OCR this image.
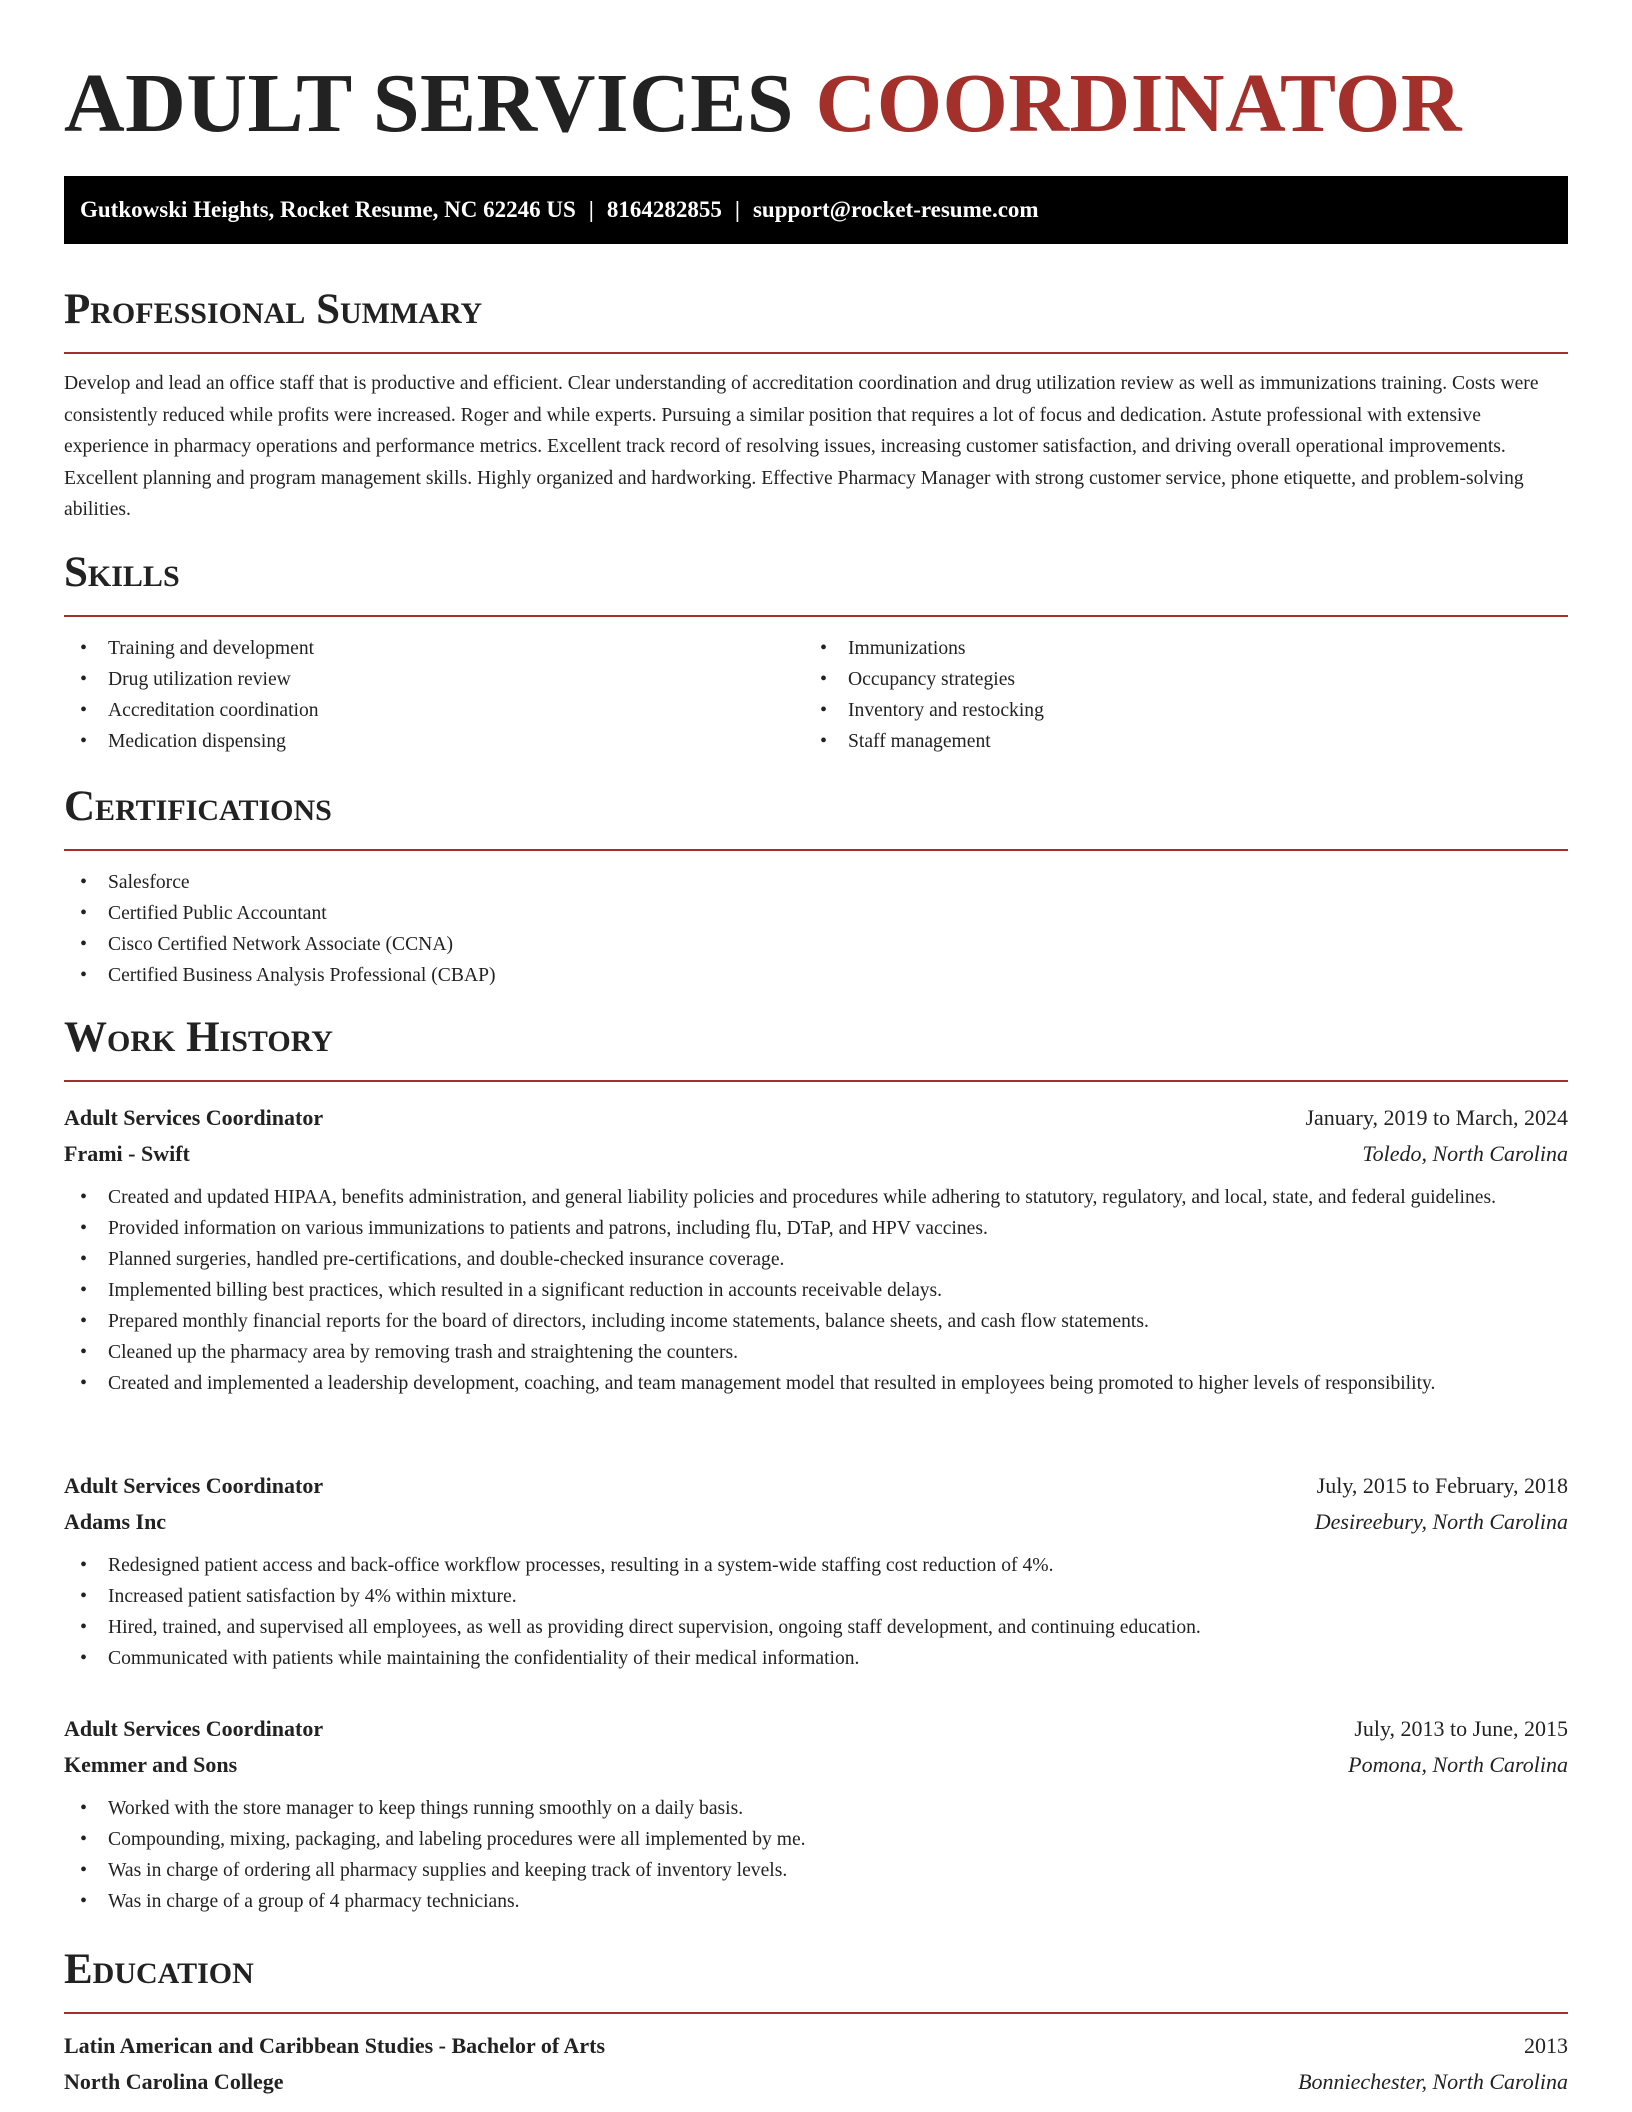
ADULT SERVICES COORDINATOR
Gutkowski Heights, Rocket Resume, NC 62246 US | 8164282855 | support@rocket-resume.com
Professional Summary

Develop and lead an office staff that is productive and efficient. Clear understanding of accreditation coordination and drug utilization review as well as immunizations training. Costs were consistently reduced while profits were increased. Roger and while experts. Pursuing a similar position that requires a lot of focus and dedication. Astute professional with extensive experience in pharmacy operations and performance metrics. Excellent track record of resolving issues, increasing customer satisfaction, and driving overall operational improvements. Excellent planning and program management skills. Highly organized and hardworking. Effective Pharmacy Manager with strong customer service, phone etiquette, and problem-solving abilities.

Skills
• Training and development
• Drug utilization review
• Accreditation coordination
• Medication dispensing
• Immunizations
• Occupancy strategies
• Inventory and restocking
• Staff management
Certifications
• Salesforce
• Certified Public Accountant
• Cisco Certified Network Associate (CCNA)
• Certified Business Analysis Professional (CBAP)
Work History
Adult Services Coordinator	January, 2019 to March, 2024
Frami - Swift	Toledo, North Carolina
• Created and updated HIPAA, benefits administration, and general liability policies and procedures while adhering to statutory, regulatory, and local, state, and federal guidelines.
• Provided information on various immunizations to patients and patrons, including flu, DTaP, and HPV vaccines.
• Planned surgeries, handled pre-certifications, and double-checked insurance coverage.
• Implemented billing best practices, which resulted in a significant reduction in accounts receivable delays.
• Prepared monthly financial reports for the board of directors, including income statements, balance sheets, and cash flow statements.
• Cleaned up the pharmacy area by removing trash and straightening the counters.
• Created and implemented a leadership development, coaching, and team management model that resulted in employees being promoted to higher levels of responsibility.
Adult Services Coordinator	July, 2015 to February, 2018
Adams Inc	Desireebury, North Carolina
• Redesigned patient access and back-office workflow processes, resulting in a system-wide staffing cost reduction of 4%.
• Increased patient satisfaction by 4% within mixture.
• Hired, trained, and supervised all employees, as well as providing direct supervision, ongoing staff development, and continuing education.
• Communicated with patients while maintaining the confidentiality of their medical information.
Adult Services Coordinator	July, 2013 to June, 2015
Kemmer and Sons	Pomona, North Carolina
• Worked with the store manager to keep things running smoothly on a daily basis.
• Compounding, mixing, packaging, and labeling procedures were all implemented by me.
• Was in charge of ordering all pharmacy supplies and keeping track of inventory levels.
• Was in charge of a group of 4 pharmacy technicians.
Education
Latin American and Caribbean Studies - Bachelor of Arts	2013
North Carolina College	Bonniechester, North Carolina
